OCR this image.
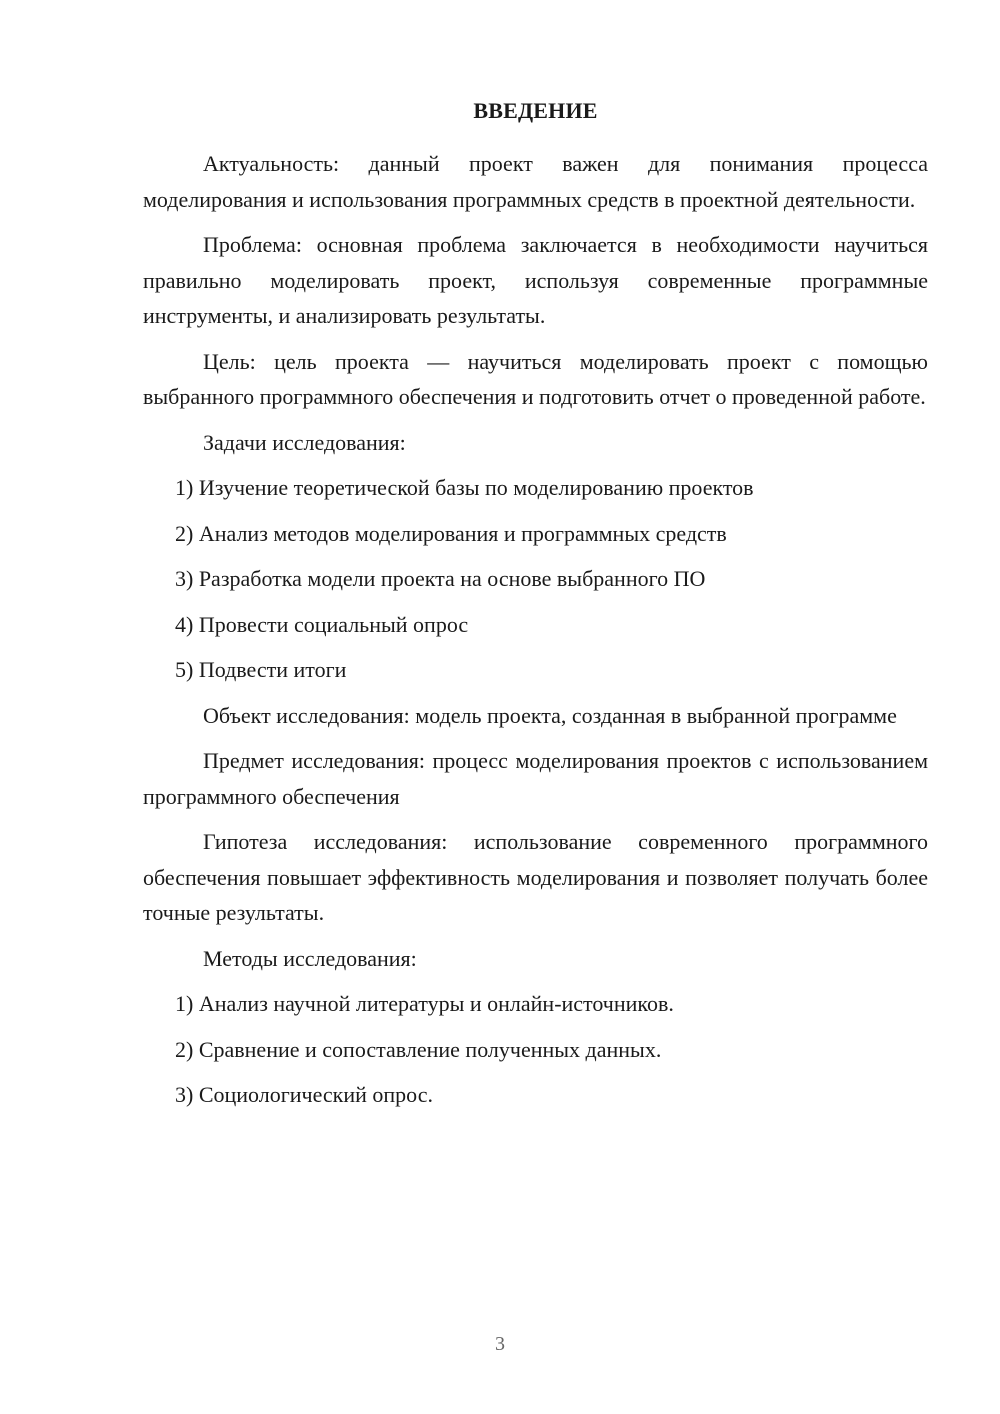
ВВЕДЕНИЕ

Актуальность: данный проект важен для понимания процесса моделирования и использования программных средств в проектной деятельности.

Проблема: основная проблема заключается в необходимости научиться правильно моделировать проект, используя современные программные инструменты, и анализировать результаты.

Цель: цель проекта — научиться моделировать проект с помощью выбранного программного обеспечения и подготовить отчет о проведенной работе.

Задачи исследования:

1) Изучение теоретической базы по моделированию проектов

2) Анализ методов моделирования и программных средств

3) Разработка модели проекта на основе выбранного ПО

4) Провести социальный опрос

5) Подвести итоги

Объект исследования: модель проекта, созданная в выбранной программе

Предмет исследования: процесс моделирования проектов с использованием программного обеспечения

Гипотеза исследования: использование современного программного обеспечения повышает эффективность моделирования и позволяет получать более точные результаты.

Методы исследования:

1) Анализ научной литературы и онлайн-источников.

2) Сравнение и сопоставление полученных данных.

3) Социологический опрос.

3
